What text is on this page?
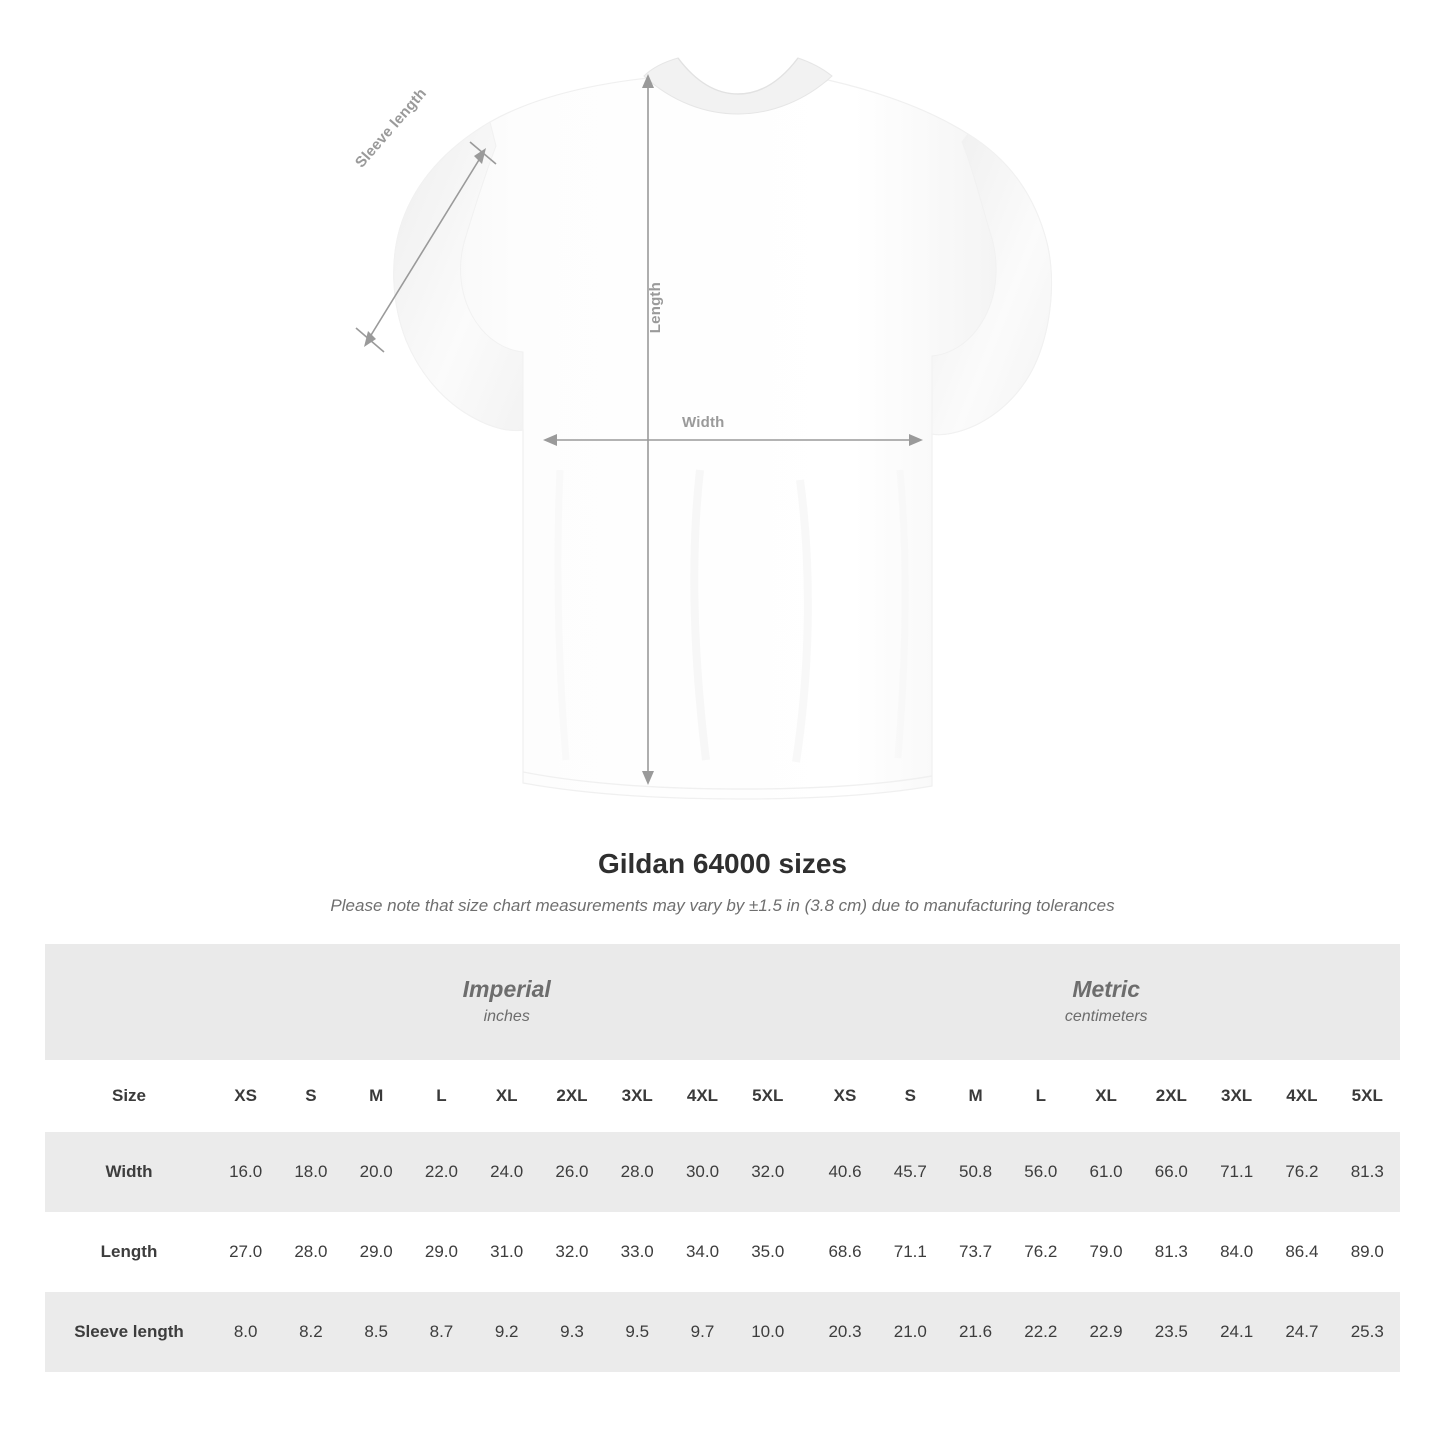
Width
Length
Sleeve length
Gildan 64000 sizes

Please note that size chart measurements may vary by ±1.5 in (3.8 cm) due to manufacturing tolerances

Imperial
inches

Metric
centimeters

Size	XS	S	M	L	XL	2XL	3XL	4XL	5XL		XS	S	M	L	XL	2XL	3XL	4XL	5XL
Width	16.0	18.0	20.0	22.0	24.0	26.0	28.0	30.0	32.0		40.6	45.7	50.8	56.0	61.0	66.0	71.1	76.2	81.3
Length	27.0	28.0	29.0	29.0	31.0	32.0	33.0	34.0	35.0		68.6	71.1	73.7	76.2	79.0	81.3	84.0	86.4	89.0
Sleeve length	8.0	8.2	8.5	8.7	9.2	9.3	9.5	9.7	10.0		20.3	21.0	21.6	22.2	22.9	23.5	24.1	24.7	25.3
